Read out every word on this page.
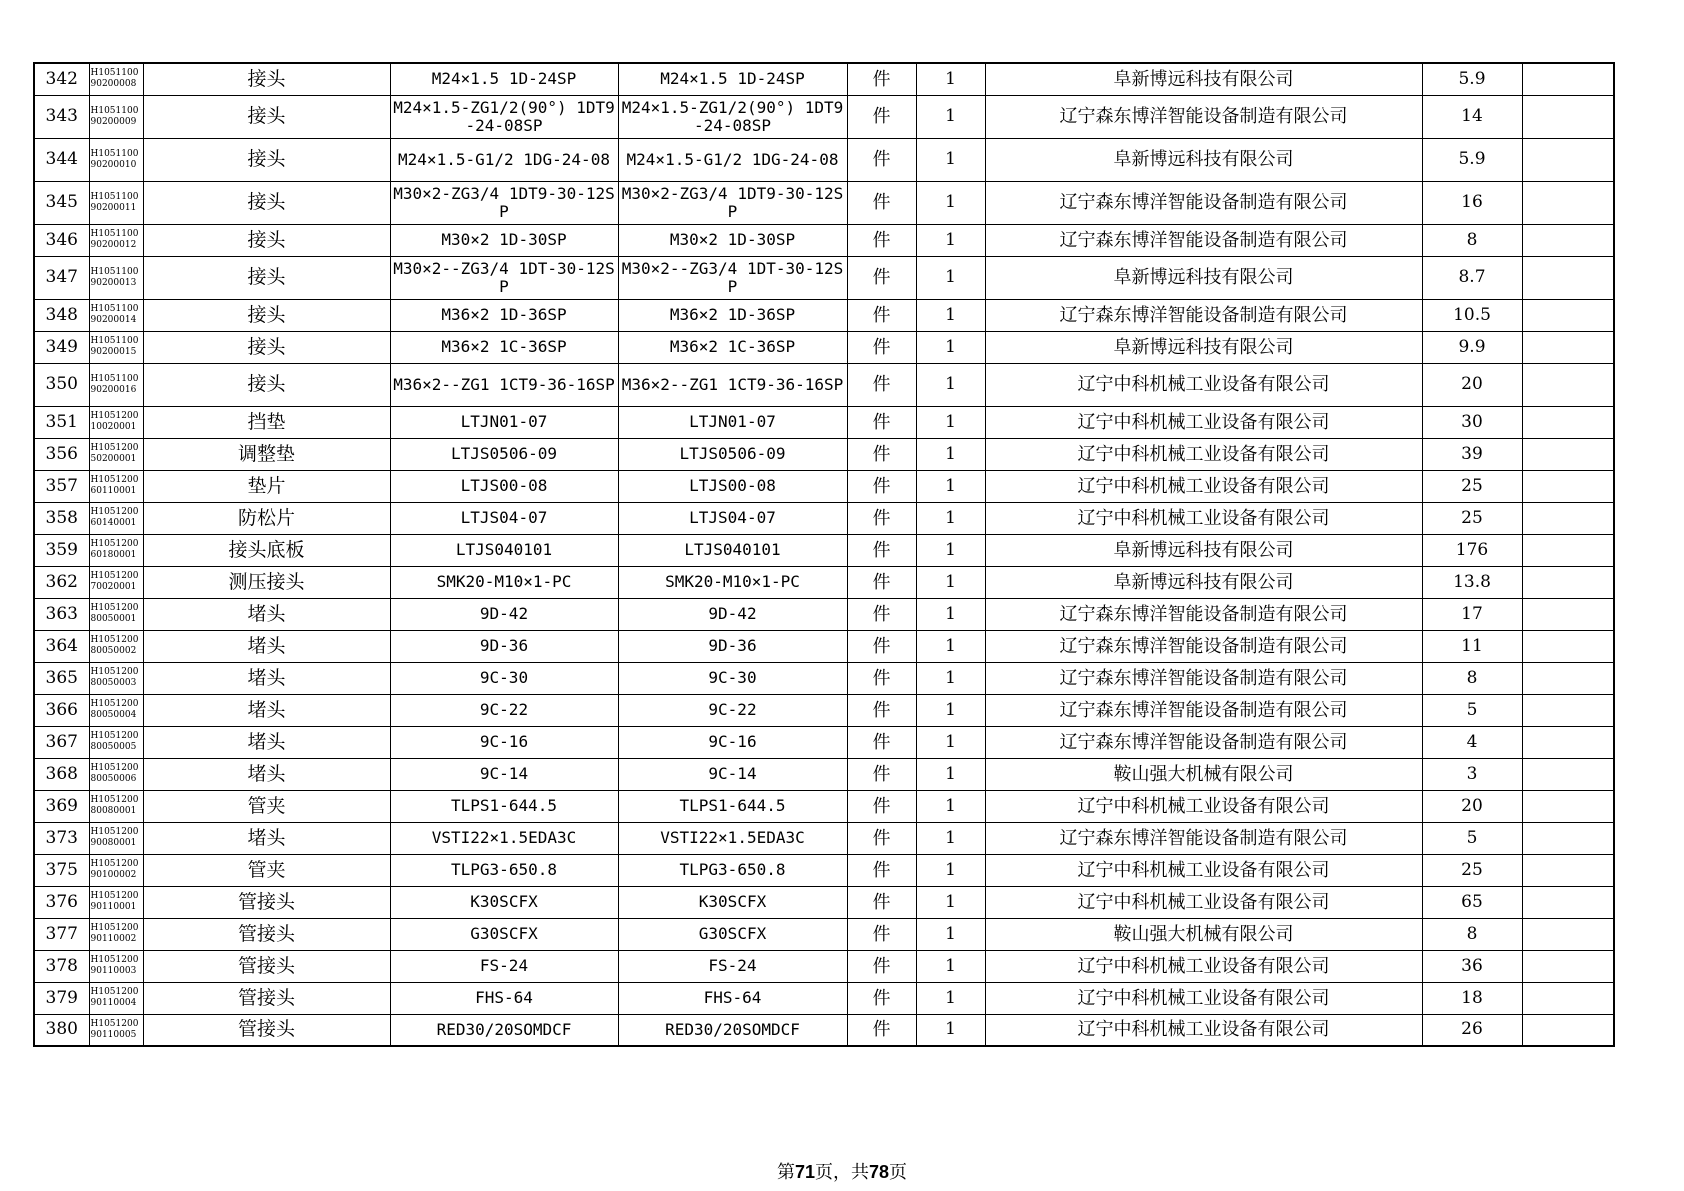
342	H1051100 90200008	接头	M24×1.5 1D-24SP	M24×1.5 1D-24SP	件	1	阜新博远科技有限公司	5.9	
343	H1051100 90200009	接头	M24×1.5-ZG1/2(90°) 1DT9-24-08SP	M24×1.5-ZG1/2(90°) 1DT9-24-08SP	件	1	辽宁森东博洋智能设备制造有限公司	14	
344	H1051100 90200010	接头	M24×1.5-G1/2 1DG-24-08	M24×1.5-G1/2 1DG-24-08	件	1	阜新博远科技有限公司	5.9	
345	H1051100 90200011	接头	M30×2-ZG3/4 1DT9-30-12SP	M30×2-ZG3/4 1DT9-30-12SP	件	1	辽宁森东博洋智能设备制造有限公司	16	
346	H1051100 90200012	接头	M30×2 1D-30SP	M30×2 1D-30SP	件	1	辽宁森东博洋智能设备制造有限公司	8	
347	H1051100 90200013	接头	M30×2--ZG3/4 1DT-30-12SP	M30×2--ZG3/4 1DT-30-12SP	件	1	阜新博远科技有限公司	8.7	
348	H1051100 90200014	接头	M36×2 1D-36SP	M36×2 1D-36SP	件	1	辽宁森东博洋智能设备制造有限公司	10.5	
349	H1051100 90200015	接头	M36×2 1C-36SP	M36×2 1C-36SP	件	1	阜新博远科技有限公司	9.9	
350	H1051100 90200016	接头	M36×2--ZG1 1CT9-36-16SP	M36×2--ZG1 1CT9-36-16SP	件	1	辽宁中科机械工业设备有限公司	20	
351	H1051200 10020001	挡垫	LTJN01-07	LTJN01-07	件	1	辽宁中科机械工业设备有限公司	30	
356	H1051200 50200001	调整垫	LTJS0506-09	LTJS0506-09	件	1	辽宁中科机械工业设备有限公司	39	
357	H1051200 60110001	垫片	LTJS00-08	LTJS00-08	件	1	辽宁中科机械工业设备有限公司	25	
358	H1051200 60140001	防松片	LTJS04-07	LTJS04-07	件	1	辽宁中科机械工业设备有限公司	25	
359	H1051200 60180001	接头底板	LTJS040101	LTJS040101	件	1	阜新博远科技有限公司	176	
362	H1051200 70020001	测压接头	SMK20-M10×1-PC	SMK20-M10×1-PC	件	1	阜新博远科技有限公司	13.8	
363	H1051200 80050001	堵头	9D-42	9D-42	件	1	辽宁森东博洋智能设备制造有限公司	17	
364	H1051200 80050002	堵头	9D-36	9D-36	件	1	辽宁森东博洋智能设备制造有限公司	11	
365	H1051200 80050003	堵头	9C-30	9C-30	件	1	辽宁森东博洋智能设备制造有限公司	8	
366	H1051200 80050004	堵头	9C-22	9C-22	件	1	辽宁森东博洋智能设备制造有限公司	5	
367	H1051200 80050005	堵头	9C-16	9C-16	件	1	辽宁森东博洋智能设备制造有限公司	4	
368	H1051200 80050006	堵头	9C-14	9C-14	件	1	鞍山强大机械有限公司	3	
369	H1051200 80080001	管夹	TLPS1-644.5	TLPS1-644.5	件	1	辽宁中科机械工业设备有限公司	20	
373	H1051200 90080001	堵头	VSTI22×1.5EDA3C	VSTI22×1.5EDA3C	件	1	辽宁森东博洋智能设备制造有限公司	5	
375	H1051200 90100002	管夹	TLPG3-650.8	TLPG3-650.8	件	1	辽宁中科机械工业设备有限公司	25	
376	H1051200 90110001	管接头	K30SCFX	K30SCFX	件	1	辽宁中科机械工业设备有限公司	65	
377	H1051200 90110002	管接头	G30SCFX	G30SCFX	件	1	鞍山强大机械有限公司	8	
378	H1051200 90110003	管接头	FS-24	FS-24	件	1	辽宁中科机械工业设备有限公司	36	
379	H1051200 90110004	管接头	FHS-64	FHS-64	件	1	辽宁中科机械工业设备有限公司	18	
380	H1051200 90110005	管接头	RED30/20SOMDCF	RED30/20SOMDCF	件	1	辽宁中科机械工业设备有限公司	26	
第71页，共78页
